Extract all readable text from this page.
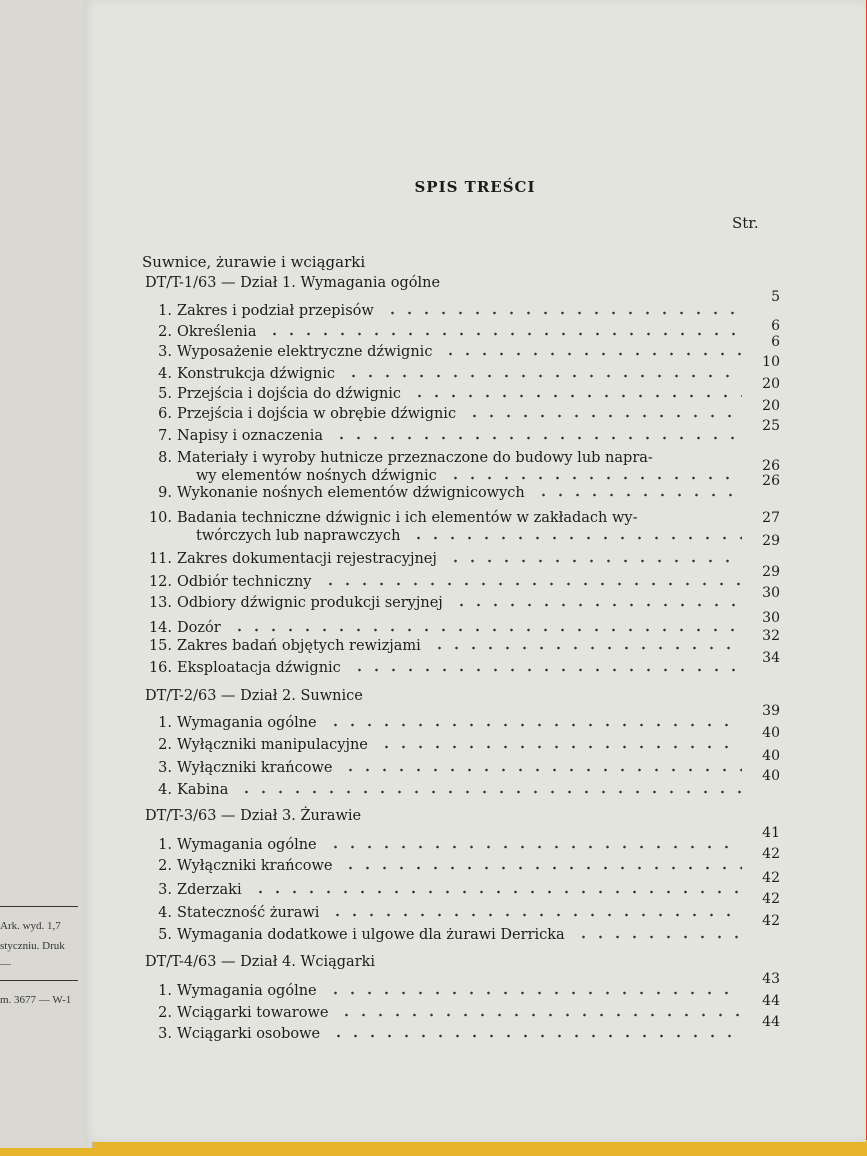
Ark. wyd. 1,7
styczniu. Druk
—
m. 3677 — W-1
SPIS TREŚCI
Str.
Suwnice, żurawie i wciągarki
DT/T-1/63 — Dział 1. Wymagania ogólne
1. Zakres i podział przepisów
5
2. Określenia	6
3. Wyposażenie elektryczne dźwignic
6
4. Konstrukcja dźwignic
10
5. Przejścia i dojścia do dźwignic
20
6. Przejścia i dojścia w obrębie dźwignic	20
7. Napisy i oznaczenia
25
8. Materiały i wyroby hutnicze przeznaczone do budowy lub napra-
wy elementów nośnych dźwignic
26
9. Wykonanie nośnych elementów dźwignicowych
26
10. Badania techniczne dźwignic i ich elementów w zakładach wy-
twórczych lub naprawczych
27
11. Zakres dokumentacji rejestracyjnej
29
12. Odbiór techniczny
29
13. Odbiory dźwignic produkcji seryjnej
30
14. Dozór
30
15. Zakres badań objętych rewizjami
32
16. Eksploatacja dźwignic
34
DT/T-2/63 — Dział 2. Suwnice
1. Wymagania ogólne
39
2. Wyłączniki manipulacyjne
40
3. Wyłączniki krańcowe
40
4. Kabina
40
DT/T-3/63 — Dział 3. Żurawie
1. Wymagania ogólne
41
2. Wyłączniki krańcowe
42
3. Zderzaki
42
4. Stateczność żurawi
42
5. Wymagania dodatkowe i ulgowe dla żurawi Derricka
42
DT/T-4/63 — Dział 4. Wciągarki
1. Wymagania ogólne
43
2. Wciągarki towarowe
44
3. Wciągarki osobowe
44
